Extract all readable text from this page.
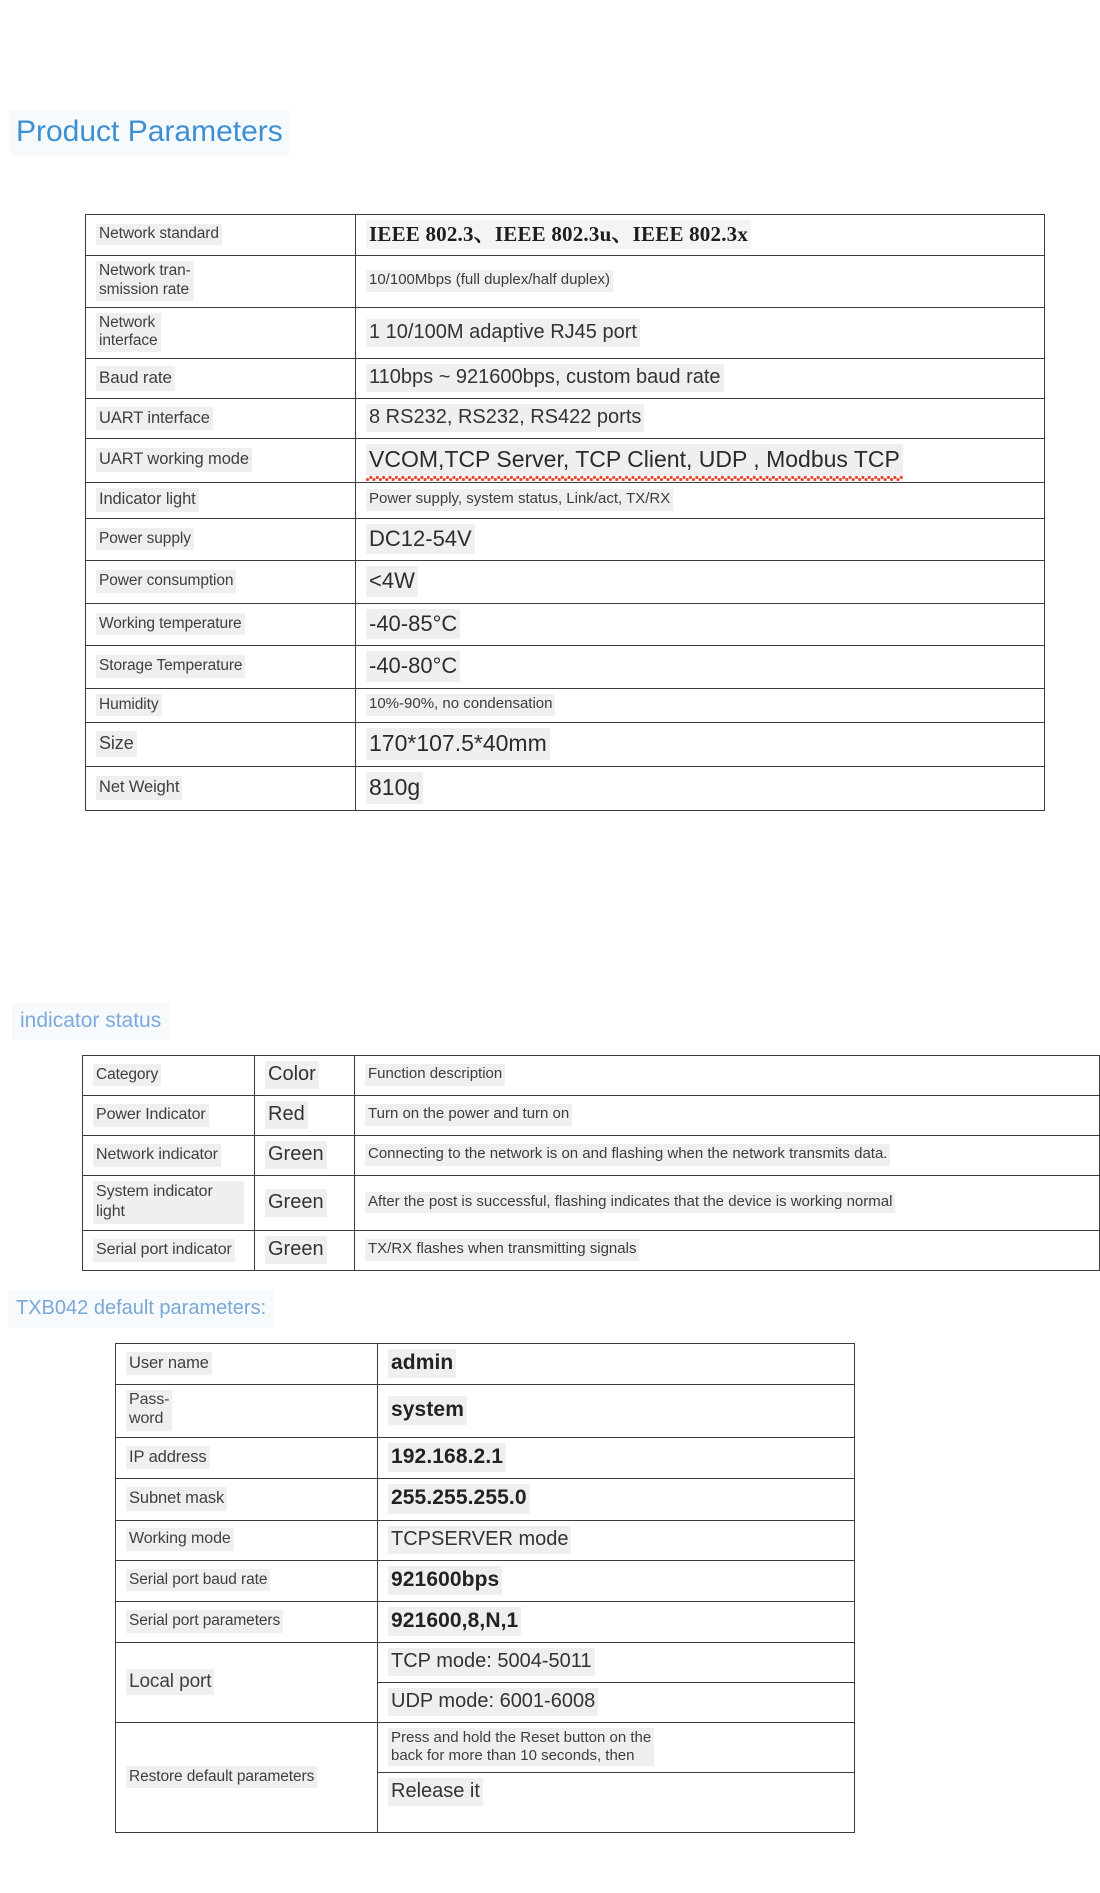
Product Parameters
Network standard	IEEE 802.3、IEEE 802.3u、IEEE 802.3x

Network tran-
smission rate	10/100Mbps (full duplex/half duplex)

Network
interface	1 10/100M adaptive RJ45 port

Baud rate	110bps ~ 921600bps, custom baud rate

UART interface	8 RS232, RS232, RS422 ports

UART working mode	VCOM,TCP Server, TCP Client, UDP , Modbus TCP

Indicator light	Power supply, system status, Link/act, TX/RX

Power supply	DC12-54V

Power consumption	<4W

Working temperature	-40-85°C

Storage Temperature	-40-80°C

Humidity	10%-90%, no condensation

Size	170*107.5*40mm

Net Weight	810g
indicator status
Category	Color	Function description

Power Indicator	Red	Turn on the power and turn on

Network indicator	Green	Connecting to the network is on and flashing when the network transmits data.

System indicator light	Green	After the post is successful, flashing indicates that the device is working normal

Serial port indicator	Green	TX/RX flashes when transmitting signals
TXB042 default parameters:
User name	admin

Pass-
word	system

IP address	192.168.2.1

Subnet mask	255.255.255.0

Working mode	TCPSERVER mode

Serial port baud rate	921600bps

Serial port parameters	921600,8,N,1

Local port	TCP mode: 5004-5011

	UDP mode: 6001-6008

Restore default parameters	Press and hold the Reset button on the
back for more than 10 seconds, then

	Release it
